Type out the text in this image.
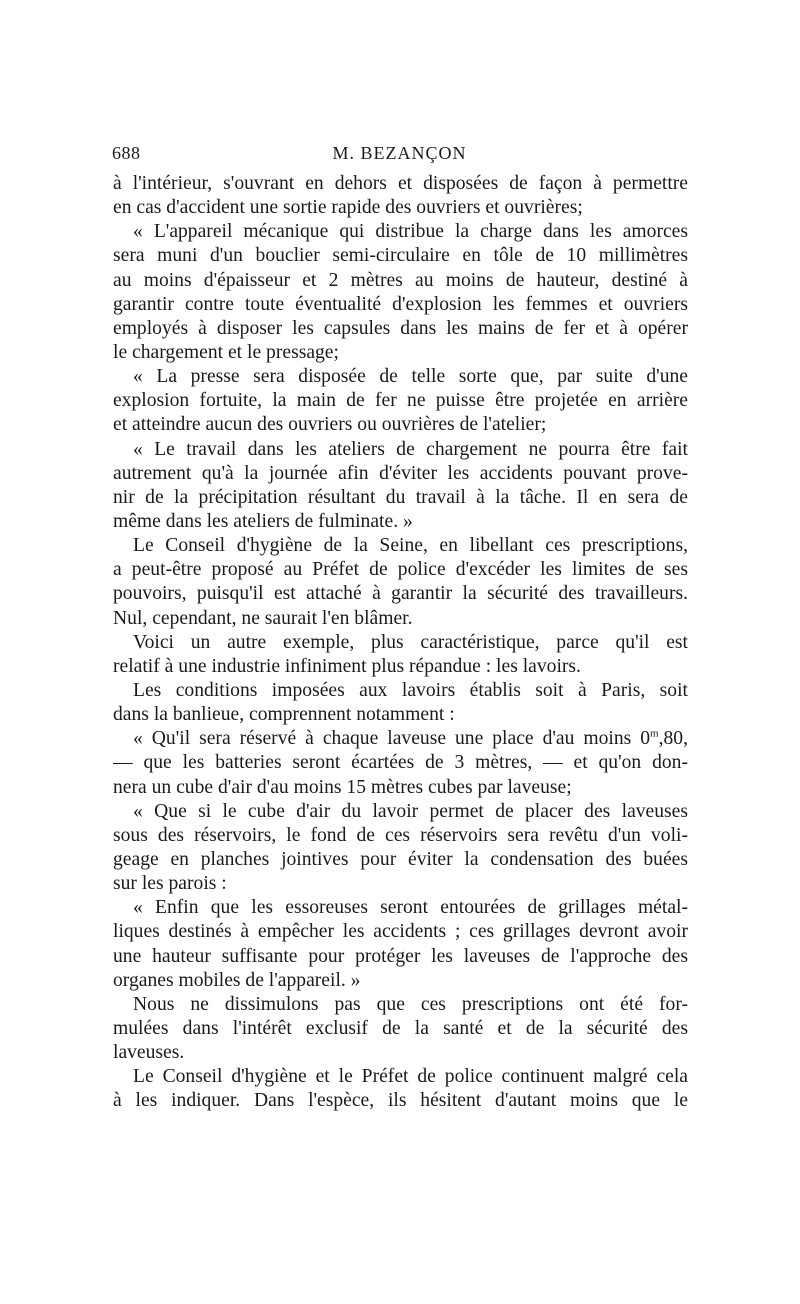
688	M. BEZANÇON
à l'intérieur, s'ouvrant en dehors et disposées de façon à permettre
en cas d'accident une sortie rapide des ouvriers et ouvrières;
« L'appareil mécanique qui distribue la charge dans les amorces
sera muni d'un bouclier semi-circulaire en tôle de 10 millimètres
au moins d'épaisseur et 2 mètres au moins de hauteur, destiné à
garantir contre toute éventualité d'explosion les femmes et ouvriers
employés à disposer les capsules dans les mains de fer et à opérer
le chargement et le pressage;
« La presse sera disposée de telle sorte que, par suite d'une
explosion fortuite, la main de fer ne puisse être projetée en arrière
et atteindre aucun des ouvriers ou ouvrières de l'atelier;
« Le travail dans les ateliers de chargement ne pourra être fait
autrement qu'à la journée afin d'éviter les accidents pouvant prove-
nir de la précipitation résultant du travail à la tâche. Il en sera de
même dans les ateliers de fulminate. »
Le Conseil d'hygiène de la Seine, en libellant ces prescriptions,
a peut-être proposé au Préfet de police d'excéder les limites de ses
pouvoirs, puisqu'il est attaché à garantir la sécurité des travailleurs.
Nul, cependant, ne saurait l'en blâmer.
Voici un autre exemple, plus caractéristique, parce qu'il est
relatif à une industrie infiniment plus répandue : les lavoirs.
Les conditions imposées aux lavoirs établis soit à Paris, soit
dans la banlieue, comprennent notamment :
« Qu'il sera réservé à chaque laveuse une place d'au moins 0$^m$,80,
— que les batteries seront écartées de 3 mètres, — et qu'on don-
nera un cube d'air d'au moins 15 mètres cubes par laveuse;
« Que si le cube d'air du lavoir permet de placer des laveuses
sous des réservoirs, le fond de ces réservoirs sera revêtu d'un voli-
geage en planches jointives pour éviter la condensation des buées
sur les parois :
« Enfin que les essoreuses seront entourées de grillages métal-
liques destinés à empêcher les accidents ; ces grillages devront avoir
une hauteur suffisante pour protéger les laveuses de l'approche des
organes mobiles de l'appareil. »
Nous ne dissimulons pas que ces prescriptions ont été for-
mulées dans l'intérêt exclusif de la santé et de la sécurité des
laveuses.
Le Conseil d'hygiène et le Préfet de police continuent malgré cela
à les indiquer. Dans l'espèce, ils hésitent d'autant moins que le
